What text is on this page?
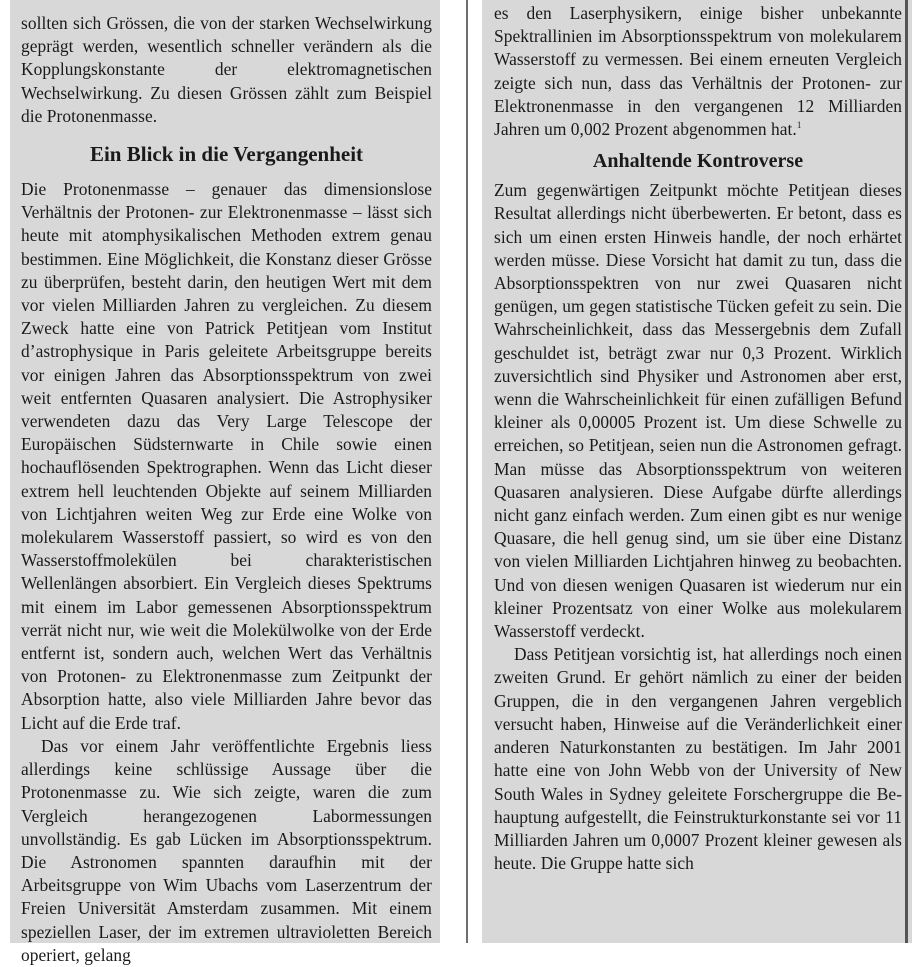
sollten sich Grössen, die von der starken Wechselwirkung geprägt werden, wesentlich schneller verändern als die Kopplungskonstante der elektromagnetischen Wechselwirkung. Zu diesen Grössen zählt zum Beispiel die Protonenmasse.

Ein Blick in die Vergangenheit

Die Protonenmasse – genauer das dimensionslose Verhältnis der Protonen- zur Elektronenmasse – lässt sich heute mit atomphysikalischen Methoden extrem genau bestimmen. Eine Möglichkeit, die Konstanz dieser Grösse zu überprüfen, besteht darin, den heutigen Wert mit dem vor vielen Milliarden Jahren zu vergleichen. Zu diesem Zweck hatte eine von Patrick Petitjean vom Institut d’astrophysique in Paris geleitete Arbeitsgruppe bereits vor einigen Jahren das Absorptionsspektrum von zwei weit entfernten Quasaren analysiert. Die Astrophysiker verwendeten dazu das Very Large Telescope der Europäischen Südsternwarte in Chile sowie einen hochauflösenden Spektrographen. Wenn das Licht dieser extrem hell leuchtenden Objekte auf seinem Milliarden von Lichtjahren weiten Weg zur Erde eine Wolke von molekularem Wasserstoff passiert, so wird es von den Wasserstoffmolekülen bei charakteristischen Wellenlängen absorbiert. Ein Vergleich dieses Spektrums mit einem im Labor gemessenen Absorptionsspektrum verrät nicht nur, wie weit die Molekülwolke von der Erde entfernt ist, sondern auch, welchen Wert das Verhältnis von Protonen- zu Elektronenmasse zum Zeitpunkt der Absorption hatte, also viele Milliarden Jahre bevor das Licht auf die Erde traf.

Das vor einem Jahr veröffentlichte Ergebnis liess allerdings keine schlüssige Aussage über die Protonenmasse zu. Wie sich zeigte, waren die zum Vergleich herangezogenen Labormessungen unvollständig. Es gab Lücken im Absorptionsspektrum. Die Astronomen spannten daraufhin mit der Arbeitsgruppe von Wim Ubachs vom Laserzentrum der Freien Universität Amsterdam zusammen. Mit einem speziellen Laser, der im extremen ultravioletten Bereich operiert, gelang

es den Laserphysikern, einige bisher unbekannte Spektrallinien im Absorptionsspektrum von molekularem Wasserstoff zu vermessen. Bei einem erneuten Vergleich zeigte sich nun, dass das Verhältnis der Protonen- zur Elektronenmasse in den vergangenen 12 Milliarden Jahren um 0,002 Prozent abgenommen hat.$^1$

Anhaltende Kontroverse

Zum gegenwärtigen Zeitpunkt möchte Petitjean dieses Resultat allerdings nicht überbewerten. Er betont, dass es sich um einen ersten Hinweis handle, der noch erhärtet werden müsse. Diese Vorsicht hat damit zu tun, dass die Absorptionsspektren von nur zwei Quasaren nicht genügen, um gegen statistische Tücken gefeit zu sein. Die Wahrscheinlichkeit, dass das Messergebnis dem Zufall geschuldet ist, beträgt zwar nur 0,3 Prozent. Wirklich zuversichtlich sind Physiker und Astronomen aber erst, wenn die Wahrscheinlichkeit für einen zufälligen Befund kleiner als 0,00005 Prozent ist. Um diese Schwelle zu erreichen, so Petitjean, seien nun die Astronomen gefragt. Man müsse das Absorptionsspektrum von weiteren Quasaren analysieren. Diese Aufgabe dürfte allerdings nicht ganz einfach werden. Zum einen gibt es nur wenige Quasare, die hell genug sind, um sie über eine Distanz von vielen Milliarden Lichtjahren hinweg zu beobachten. Und von diesen wenigen Quasaren ist wiederum nur ein kleiner Prozentsatz von einer Wolke aus molekularem Wasserstoff verdeckt.

Dass Petitjean vorsichtig ist, hat allerdings noch einen zweiten Grund. Er gehört nämlich zu einer der beiden Gruppen, die in den vergangenen Jahren vergeblich versucht haben, Hinweise auf die Veränderlichkeit einer anderen Naturkonstanten zu bestätigen. Im Jahr 2001 hatte eine von John Webb von der University of New South Wales in Sydney geleitete Forschergruppe die Behauptung aufgestellt, die Feinstrukturkonstante sei vor 11 Milliarden Jahren um 0,0007 Prozent kleiner gewesen als heute. Die Gruppe hatte sich
